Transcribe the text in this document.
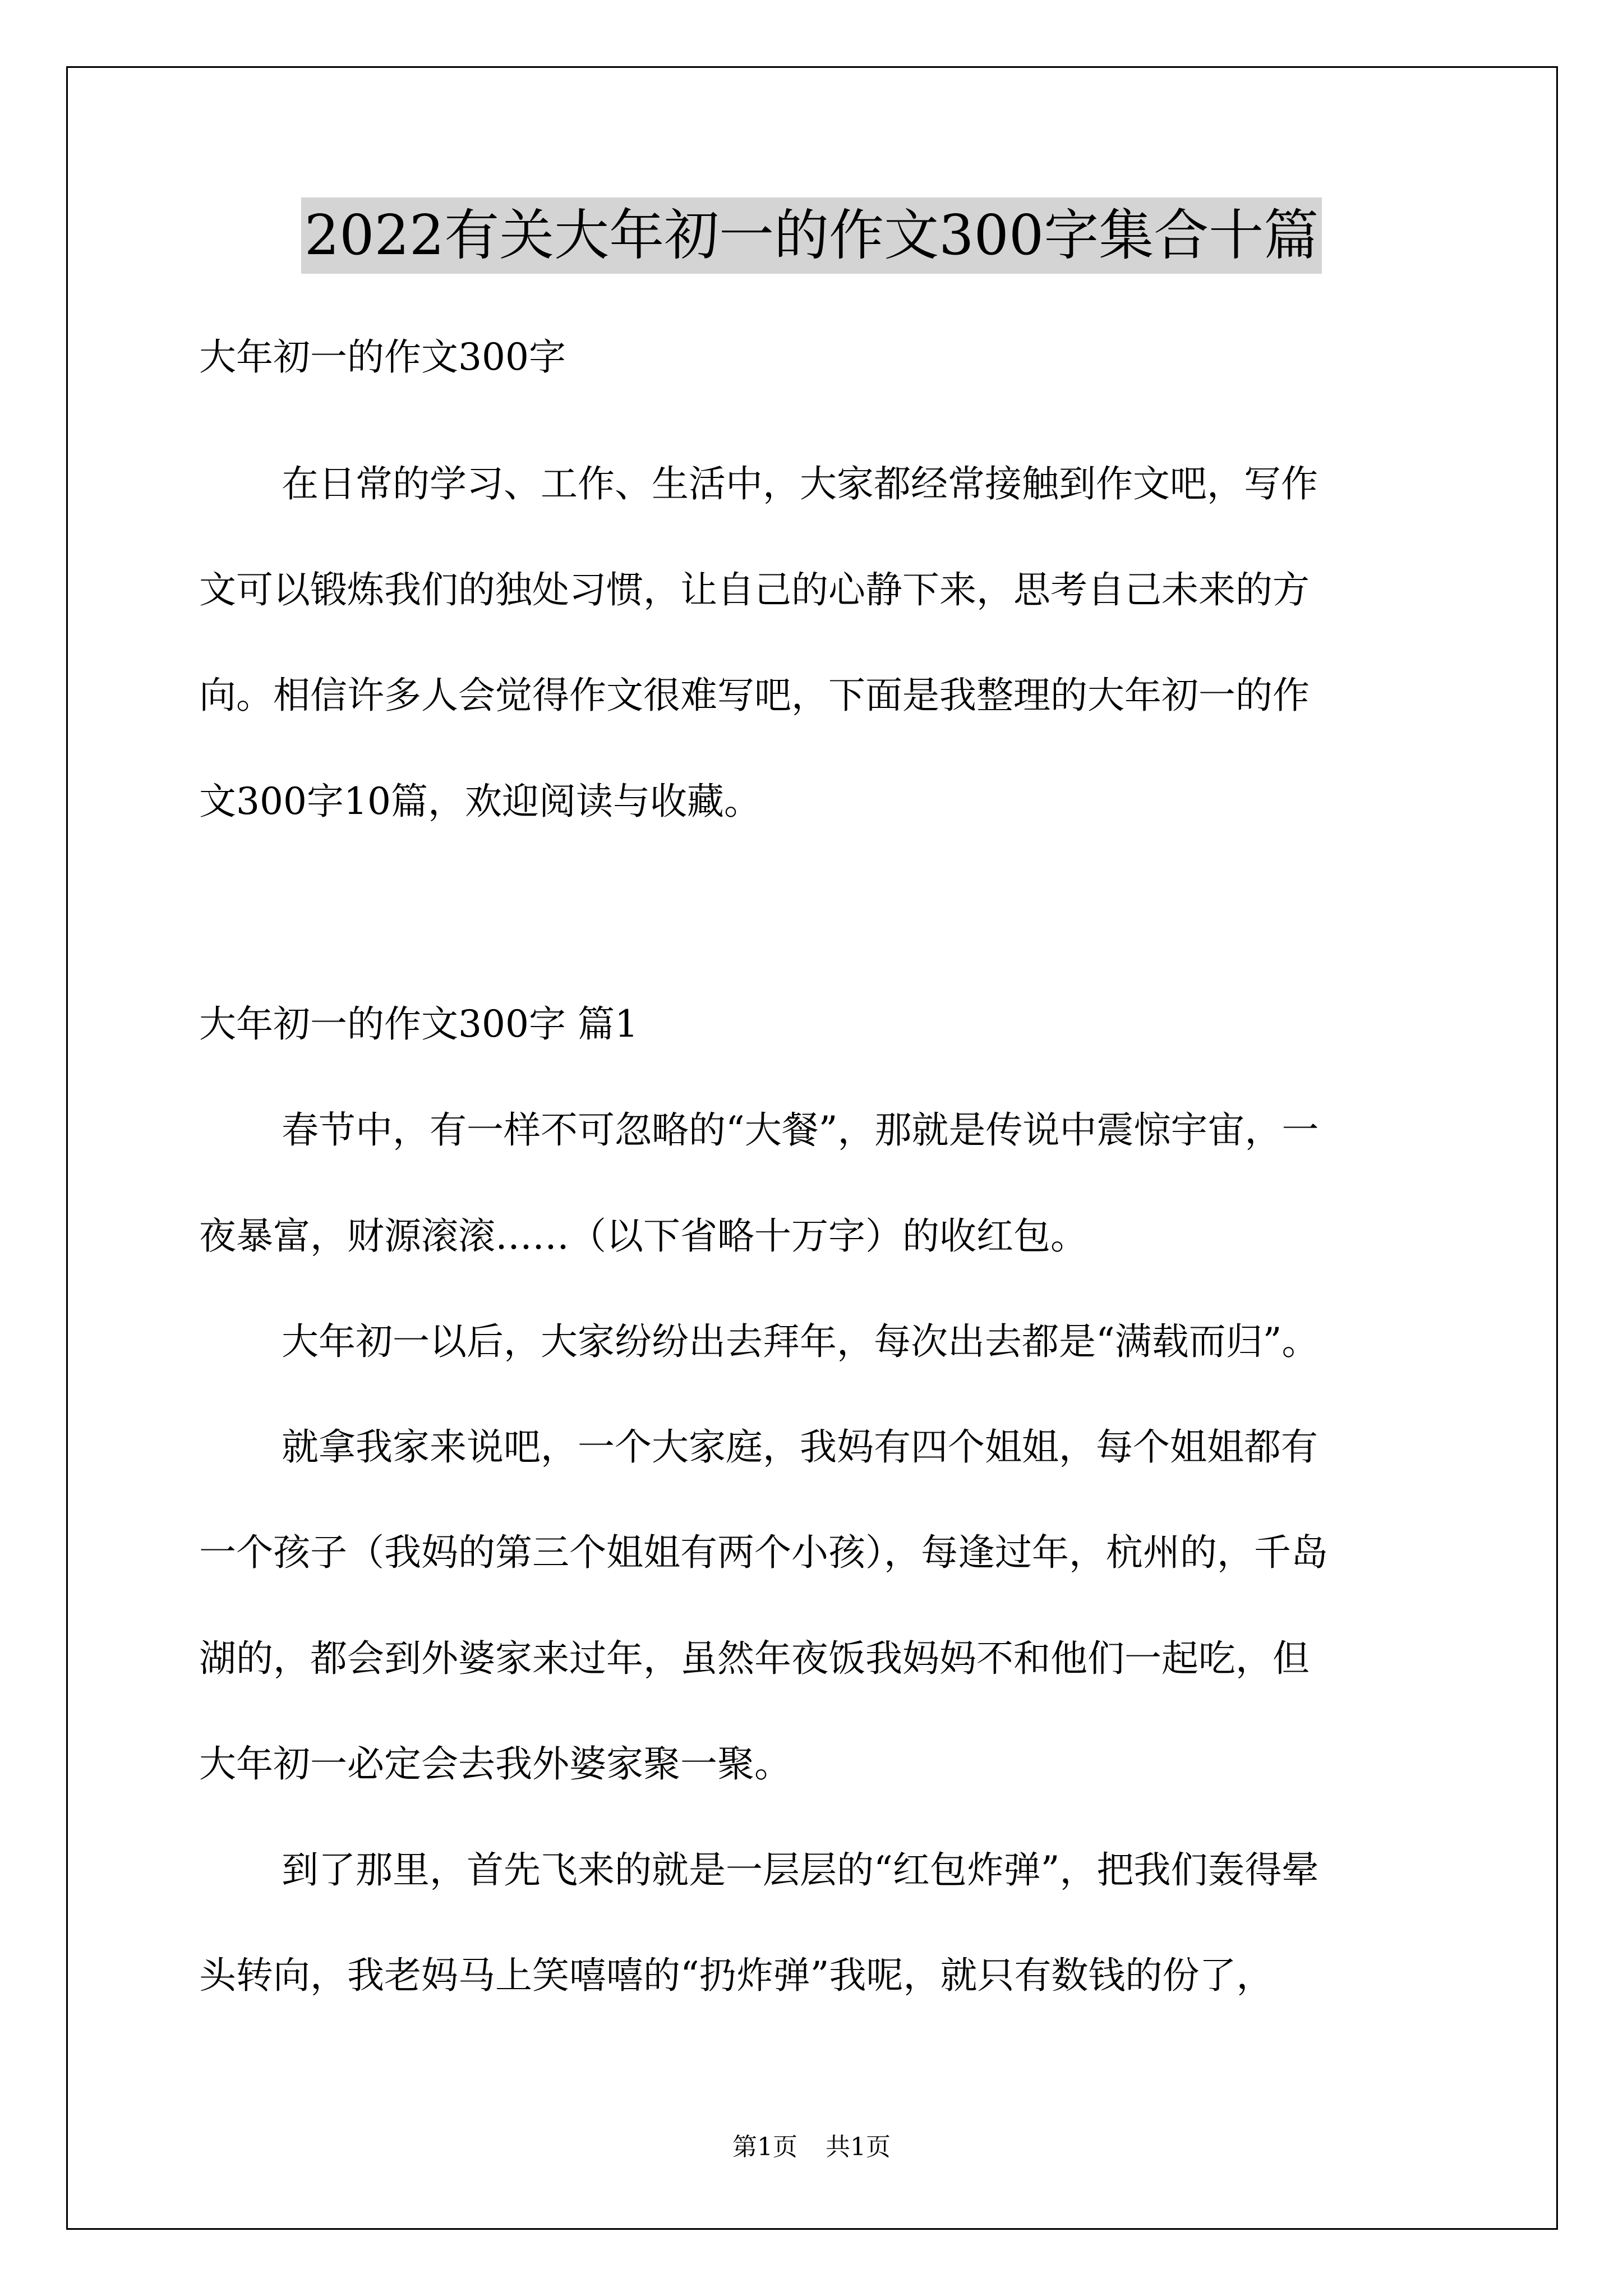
2022有关大年初一的作文300字集合十篇
大年初一的作文300字
在日常的学习、工作、生活中，大家都经常接触到作文吧，写作
文可以锻炼我们的独处习惯，让自己的心静下来，思考自己未来的方
向。相信许多人会觉得作文很难写吧，下面是我整理的大年初一的作
文300字10篇，欢迎阅读与收藏。
大年初一的作文300字 篇1
春节中，有一样不可忽略的“大餐”，那就是传说中震惊宇宙，一
夜暴富，财源滚滚……（以下省略十万字）的收红包。
大年初一以后，大家纷纷出去拜年，每次出去都是“满载而归”。
就拿我家来说吧，一个大家庭，我妈有四个姐姐，每个姐姐都有
一个孩子（我妈的第三个姐姐有两个小孩），每逢过年，杭州的，千岛
湖的，都会到外婆家来过年，虽然年夜饭我妈妈不和他们一起吃，但
大年初一必定会去我外婆家聚一聚。
到了那里，首先飞来的就是一层层的“红包炸弹”，把我们轰得晕
头转向，我老妈马上笑嘻嘻的“扔炸弹”我呢，就只有数钱的份了，
第1页 共1页
